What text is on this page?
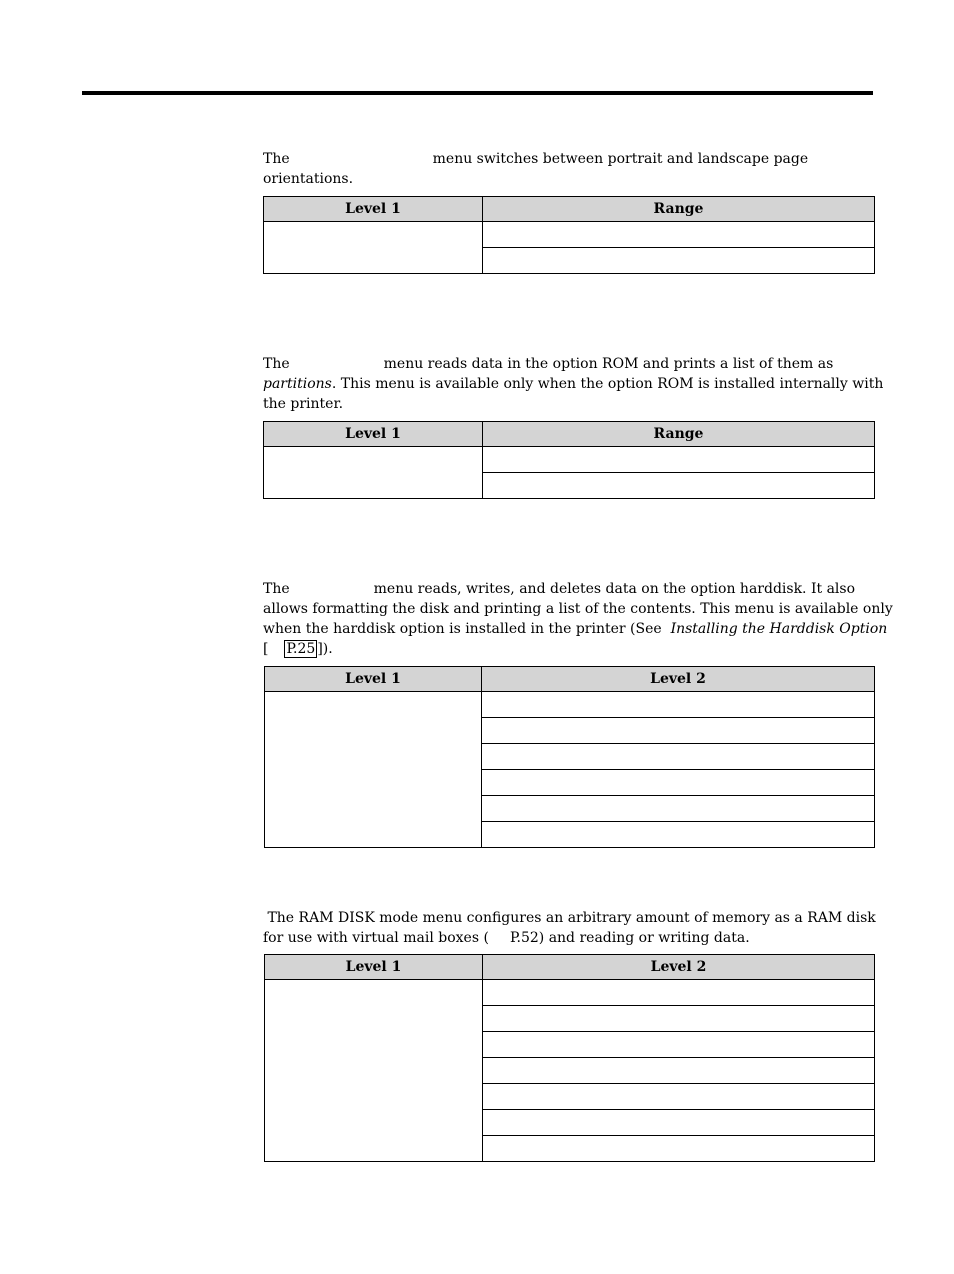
The	menu switches between portrait and landscape page
orientations.
Level 1	Range

The	menu reads data in the option ROM and prints a list of them as
partitions. This menu is available only when the option ROM is installed internally with
the printer.
Level 1	Range

The	menu reads, writes, and deletes data on the option harddisk. It also
allows formatting the disk and printing a list of the contents. This menu is available only
when the harddisk option is installed in the printer (See Installing the Harddisk Option
[ P.25 ]).
Level 1	Level 2

The RAM DISK mode menu configures an arbitrary amount of memory as a RAM disk
for use with virtual mail boxes ( P.52) and reading or writing data.
Level 1	Level 2
